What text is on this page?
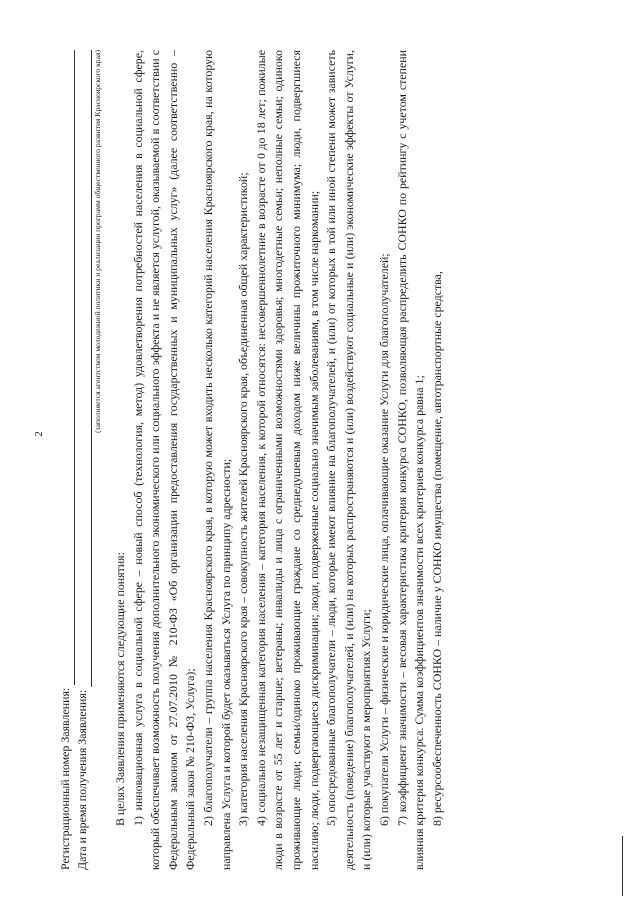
2
Регистрационный номер Заявления: Дата и время получения Заявления:
(заполняется агентством молодежной политики и реализации программ общественного развития Красноярского края)

В целях Заявления применяются следующие понятия: 1) инновационная услуга в социальной сфере – новый способ (технология, метод) удовлетворения потребностей населения в социальной сфере, который обеспечивает возможность получения дополнительного экономического или социального эффекта и не является услугой, оказываемой в соответствии с Федеральным законом от 27.07.2010 № 210-ФЗ «Об организации предоставления государственных и муниципальных услуг» (далее соответственно – Федеральный закон № 210-ФЗ, Услуга); 2) благополучатели – группа населения Красноярского края, в которую может входить несколько категорий населения Красноярского края, на которую направлена Услуга и которой будет оказываться Услуга по принципу адресности; 3) категория населения Красноярского края – совокупность жителей Красноярского края, объединенная общей характеристикой; 4) социально незащищенная категория населения – категория населения, к которой относятся: несовершеннолетние в возрасте от 0 до 18 лет; пожилые люди в возрасте от 55 лет и старше; ветераны; инвалиды и лица с ограниченными возможностями здоровья; многодетные семьи; неполные семьи; одиноко проживающие люди; семьи/одиноко проживающие граждане со среднедушевым доходом ниже величины прожиточного минимума; люди, подвергшиеся насилию; люди, подвергающиеся дискриминации; люди, подверженные социально значимым заболеваниям, в том числе наркомании; 5) опосредованные благополучатели – люди, которые имеют влияние на благополучателей, и (или) от которых в той или иной степени может зависеть деятельность (поведение) благополучателей, и (или) на которых распространяются и (или) воздействуют социальные и (или) экономические эффекты от Услуги, и (или) которые участвуют в мероприятиях Услуги; 6) покупатели Услуги – физические и юридические лица, оплачивающие оказание Услуги для благополучателей; 7) коэффициент значимости – весовая характеристика критерия конкурса СОНКО, позволяющая распределить СОНКО по рейтингу с учетом степени влияния критерия конкурса. Сумма коэффициентов значимости всех критериев конкурса равна 1; 8) ресурсообеспеченность СОНКО – наличие у СОНКО имущества (помещение, автотранспортные средства,
